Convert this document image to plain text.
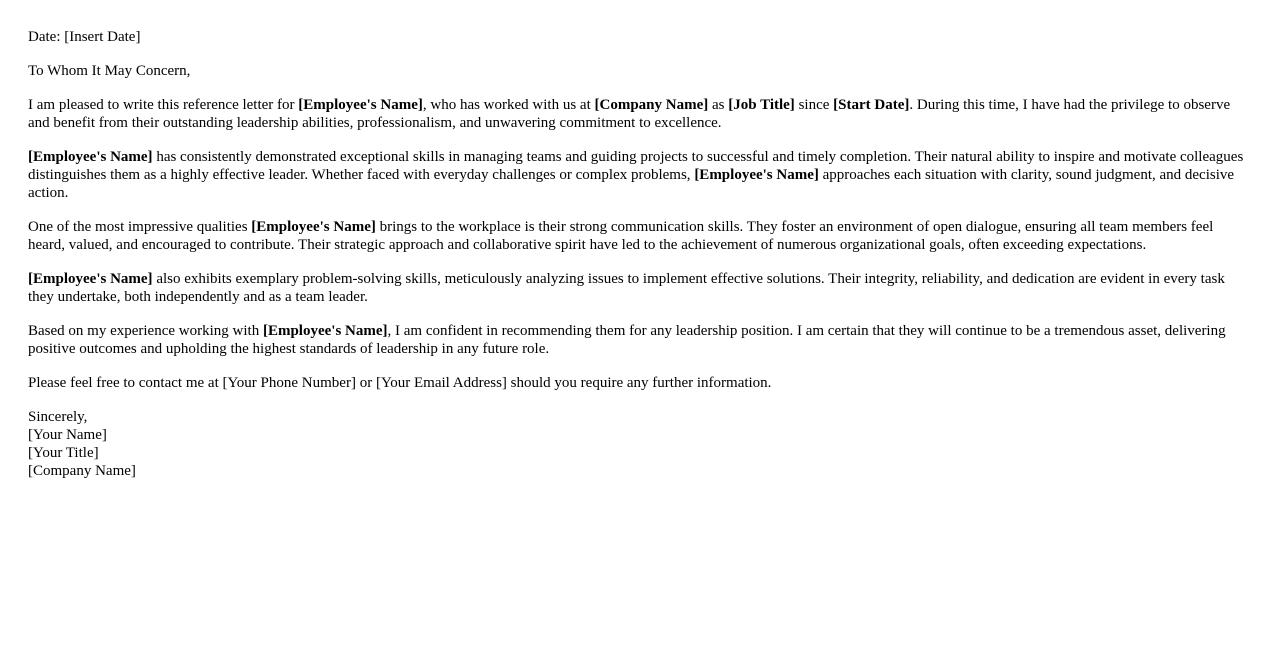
Date: [Insert Date]

To Whom It May Concern,

I am pleased to write this reference letter for [Employee's Name], who has worked with us at [Company Name] as [Job Title] since [Start Date]. During this time, I have had the privilege to observe and benefit from their outstanding leadership abilities, professionalism, and unwavering commitment to excellence.

[Employee's Name] has consistently demonstrated exceptional skills in managing teams and guiding projects to successful and timely completion. Their natural ability to inspire and motivate colleagues distinguishes them as a highly effective leader. Whether faced with everyday challenges or complex problems, [Employee's Name] approaches each situation with clarity, sound judgment, and decisive action.

One of the most impressive qualities [Employee's Name] brings to the workplace is their strong communication skills. They foster an environment of open dialogue, ensuring all team members feel heard, valued, and encouraged to contribute. Their strategic approach and collaborative spirit have led to the achievement of numerous organizational goals, often exceeding expectations.

[Employee's Name] also exhibits exemplary problem-solving skills, meticulously analyzing issues to implement effective solutions. Their integrity, reliability, and dedication are evident in every task they undertake, both independently and as a team leader.

Based on my experience working with [Employee's Name], I am confident in recommending them for any leadership position. I am certain that they will continue to be a tremendous asset, delivering positive outcomes and upholding the highest standards of leadership in any future role.

Please feel free to contact me at [Your Phone Number] or [Your Email Address] should you require any further information.

Sincerely,
[Your Name]
[Your Title]
[Company Name]
